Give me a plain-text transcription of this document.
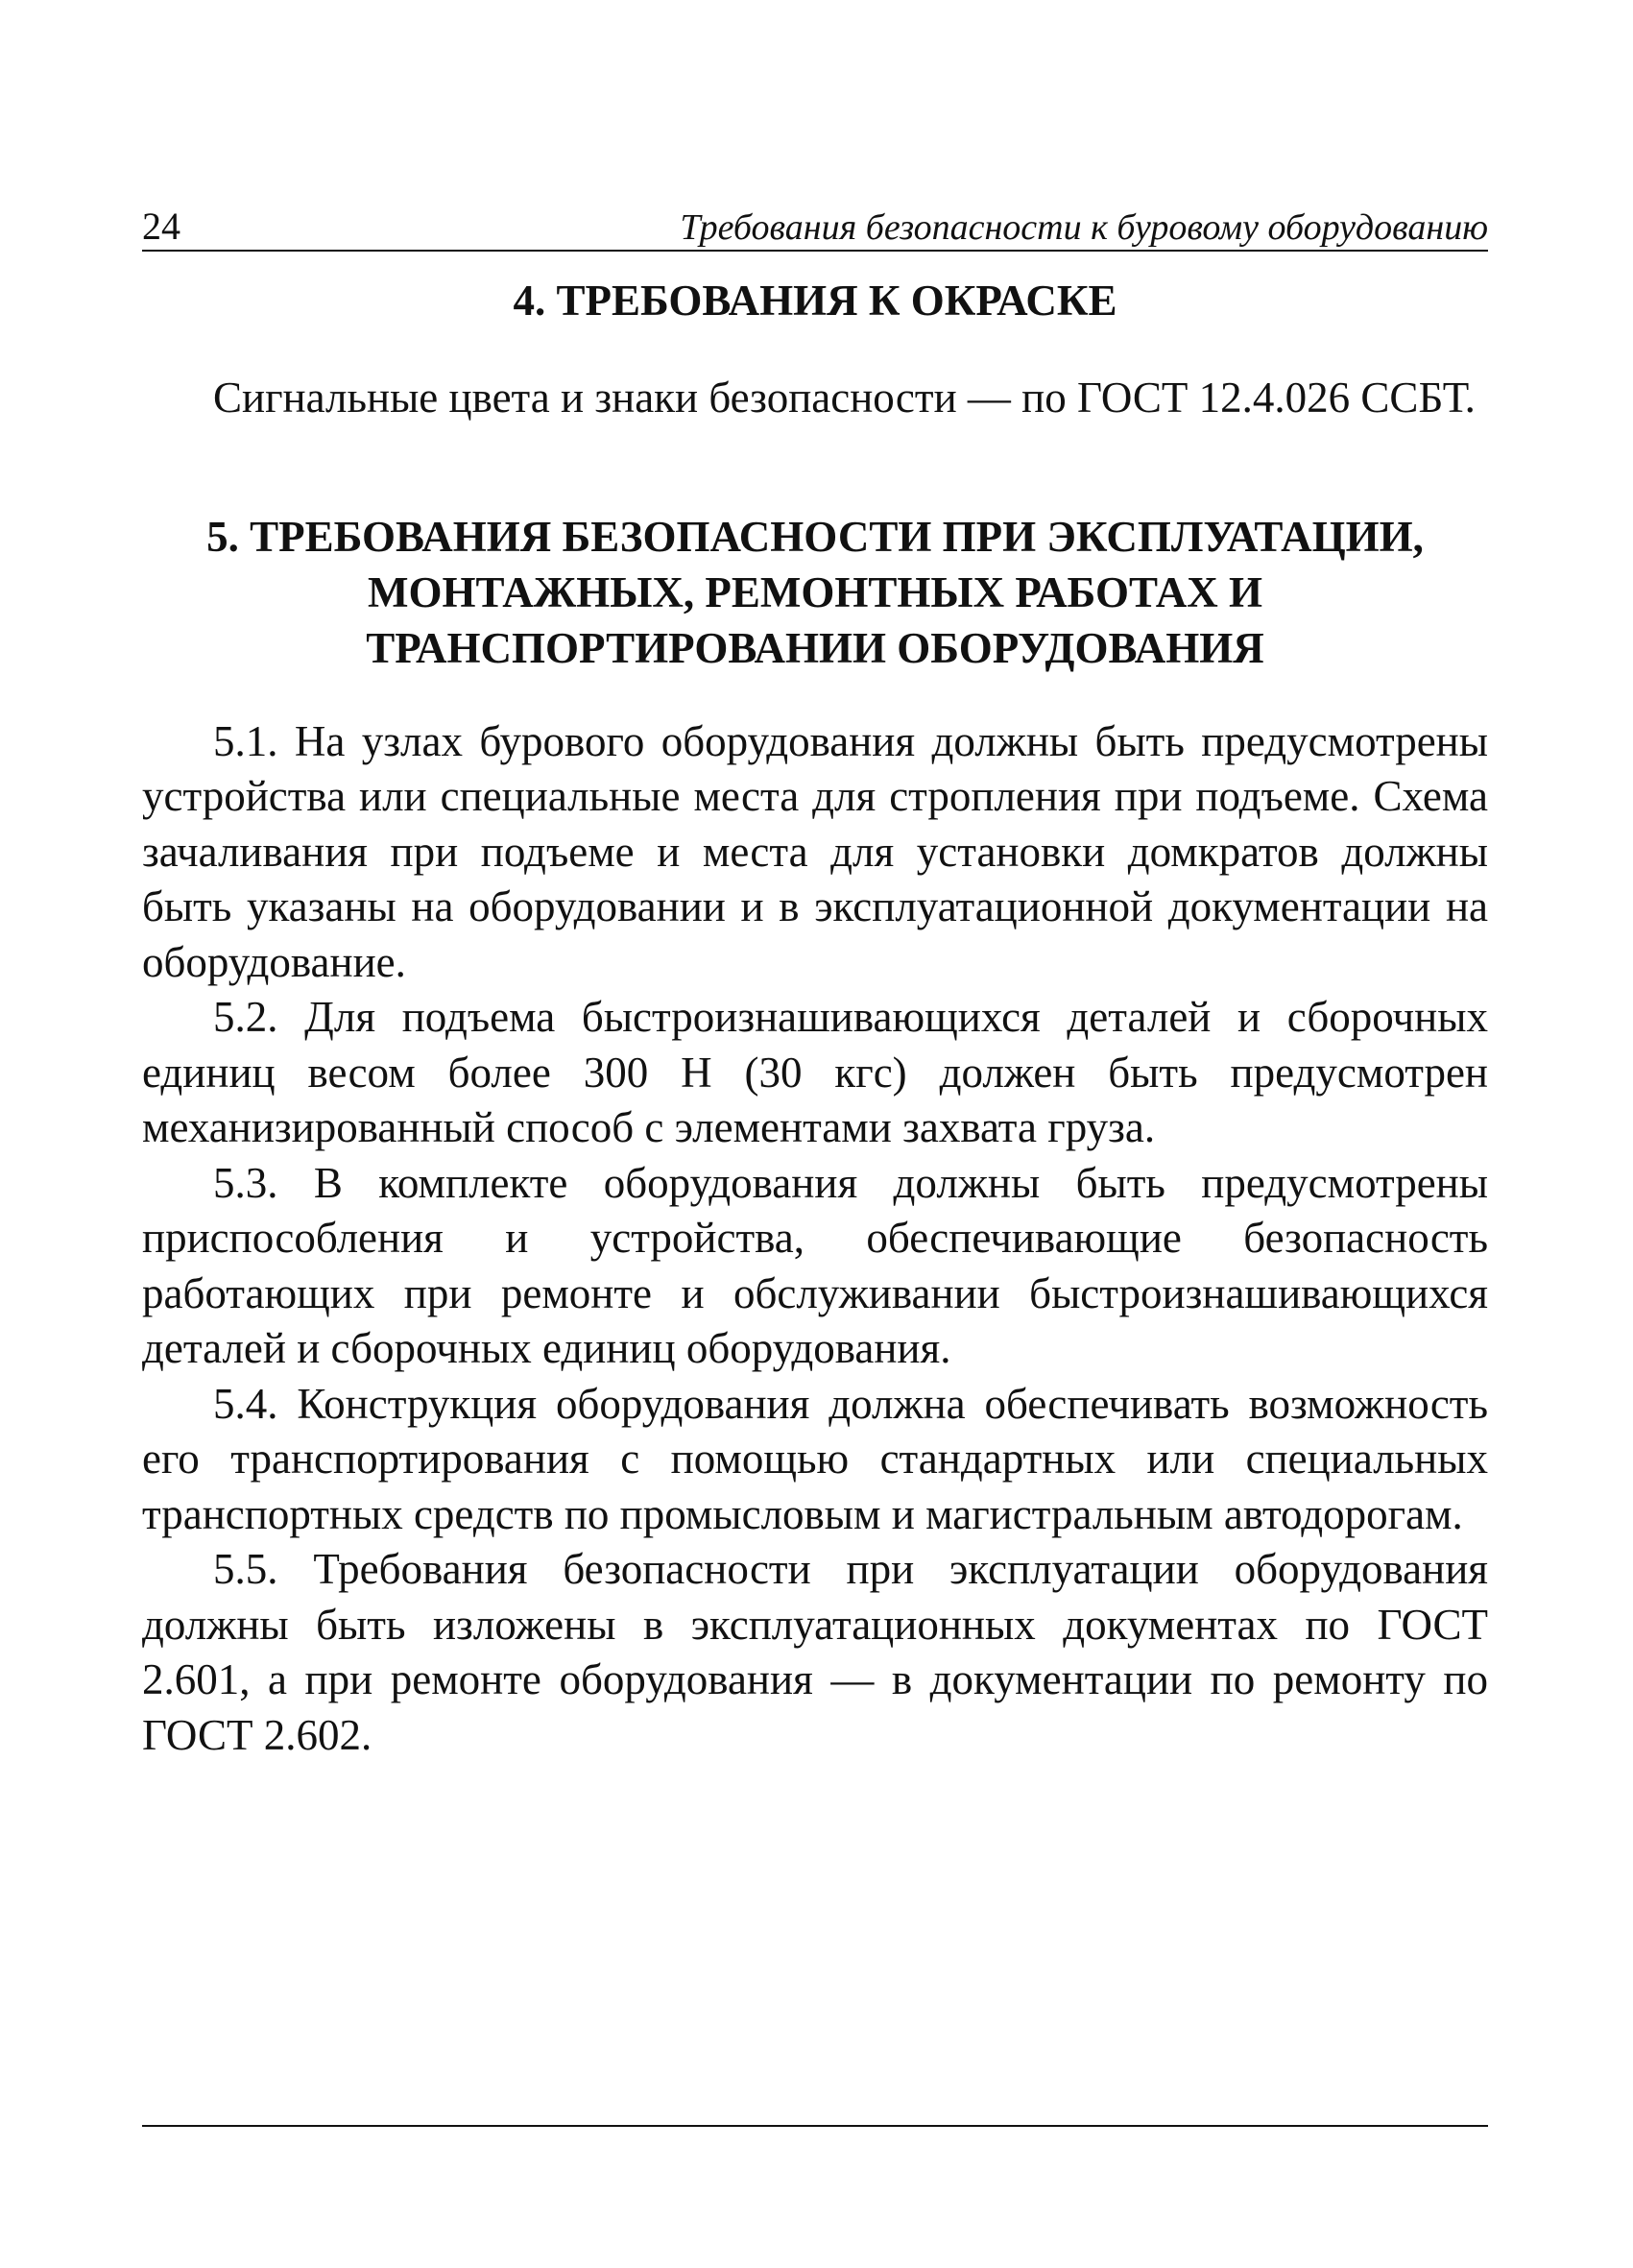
24	Требования безопасности к буровому оборудованию
4. ТРЕБОВАНИЯ К ОКРАСКЕ

Сигнальные цвета и знаки безопасности — по ГОСТ 12.4.026 ССБТ.

5. ТРЕБОВАНИЯ БЕЗОПАСНОСТИ ПРИ ЭКСПЛУАТАЦИИ,
МОНТАЖНЫХ, РЕМОНТНЫХ РАБОТАХ И
ТРАНСПОРТИРОВАНИИ ОБОРУДОВАНИЯ

5.1. На узлах бурового оборудования должны быть предусмотрены устройства или специальные места для стропления при подъеме. Схема зачаливания при подъеме и места для установки домкратов должны быть указаны на оборудовании и в эксплуатационной документации на оборудование.

5.2. Для подъема быстроизнашивающихся деталей и сборочных единиц весом более 300 Н (30 кгс) должен быть предусмотрен механизированный способ с элементами захвата груза.

5.3. В комплекте оборудования должны быть предусмотрены приспособления и устройства, обеспечивающие безопасность работающих при ремонте и обслуживании быстроизнашивающихся деталей и сборочных единиц оборудования.

5.4. Конструкция оборудования должна обеспечивать возможность его транспортирования с помощью стандартных или специальных транспортных средств по промысловым и магистральным автодорогам.

5.5. Требования безопасности при эксплуатации оборудования должны быть изложены в эксплуатационных документах по ГОСТ 2.601, а при ремонте оборудования — в документации по ремонту по ГОСТ 2.602.
